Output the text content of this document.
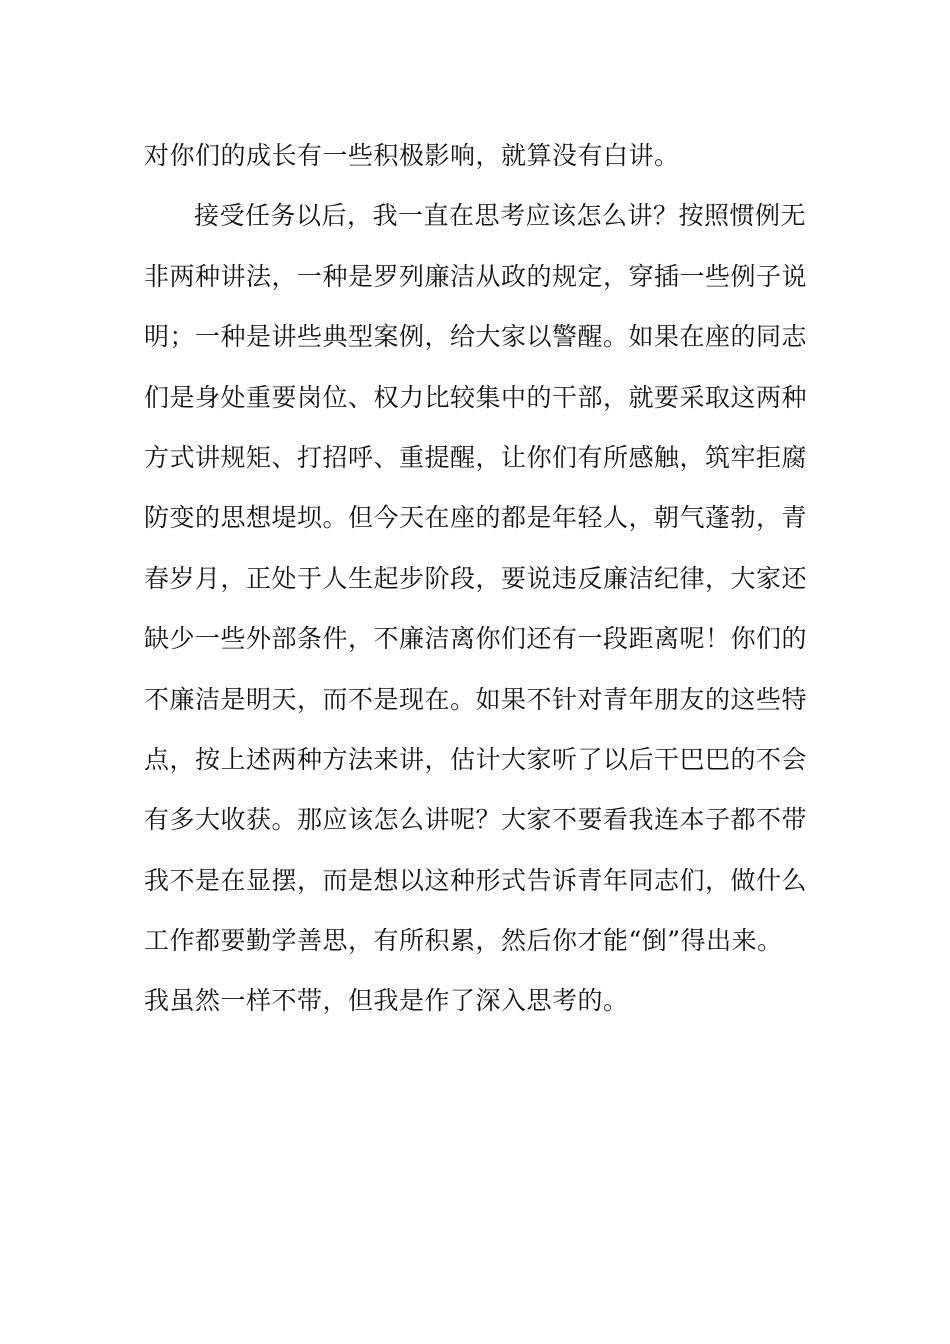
对你们的成长有一些积极影响，就算没有白讲。
接受任务以后，我一直在思考应该怎么讲？按照惯例无
非两种讲法，一种是罗列廉洁从政的规定，穿插一些例子说
明；一种是讲些典型案例，给大家以警醒。如果在座的同志
们是身处重要岗位、权力比较集中的干部，就要采取这两种
方式讲规矩、打招呼、重提醒，让你们有所感触，筑牢拒腐
防变的思想堤坝。但今天在座的都是年轻人，朝气蓬勃，青
春岁月，正处于人生起步阶段，要说违反廉洁纪律，大家还
缺少一些外部条件，不廉洁离你们还有一段距离呢！你们的
不廉洁是明天，而不是现在。如果不针对青年朋友的这些特
点，按上述两种方法来讲，估计大家听了以后干巴巴的不会
有多大收获。那应该怎么讲呢？大家不要看我连本子都不带
我不是在显摆，而是想以这种形式告诉青年同志们，做什么
工作都要勤学善思，有所积累，然后你才能“倒”得出来。
我虽然一样不带，但我是作了深入思考的。
